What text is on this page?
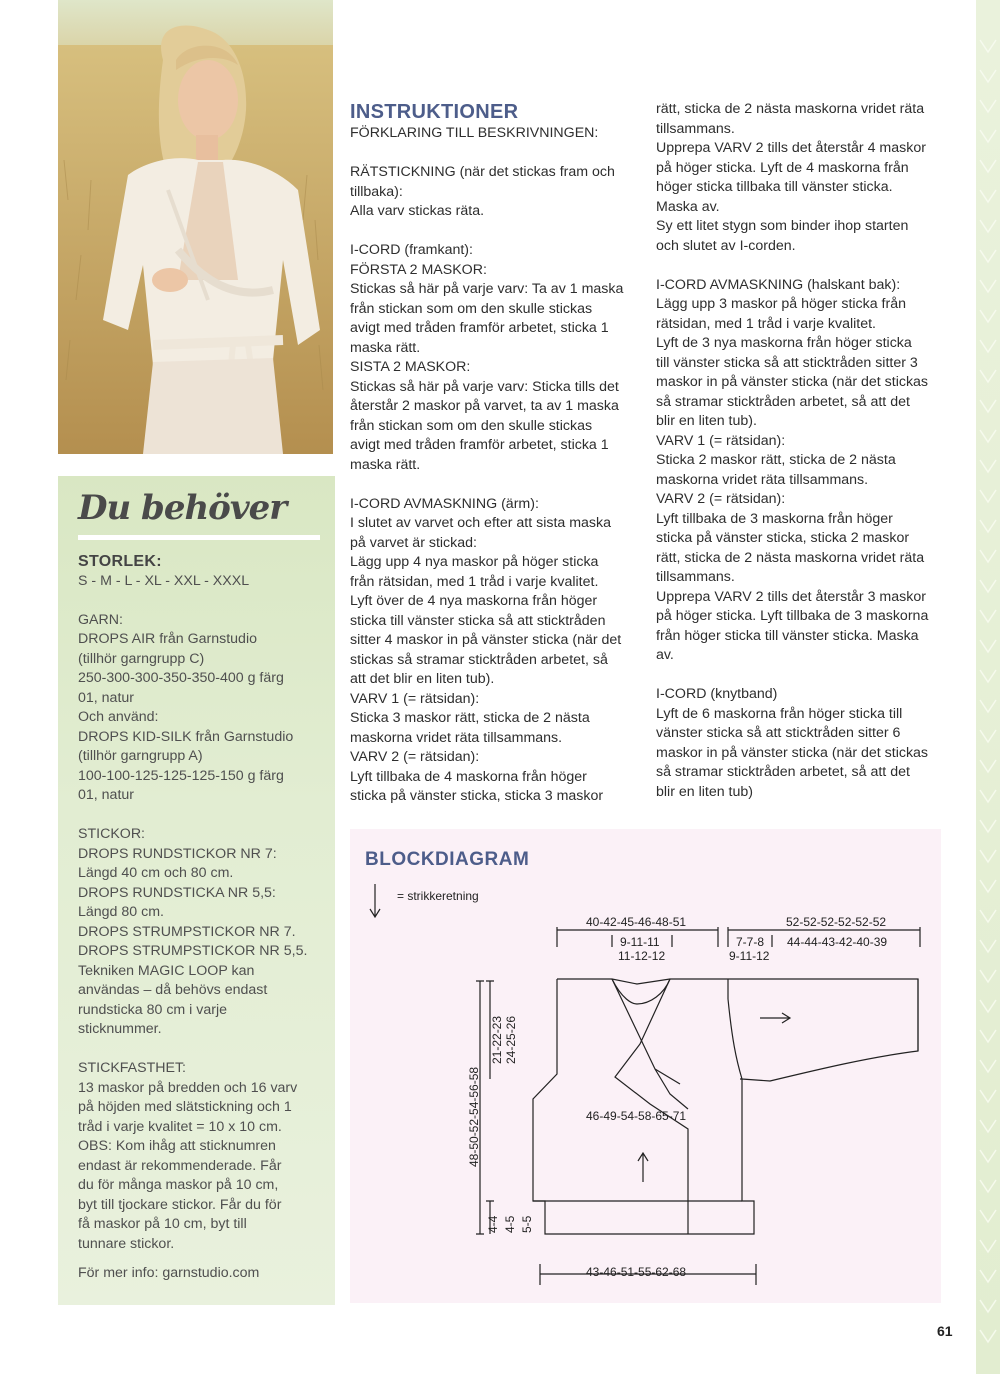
Du behöver
STORLEK:
S - M - L - XL - XXL - XXXL
GARN:
DROPS AIR från Garnstudio
(tillhör garngrupp C)
250-300-300-350-350-400 g färg
01, natur
Och använd:
DROPS KID-SILK från Garnstudio
(tillhör garngrupp A)
100-100-125-125-125-150 g färg
01, natur
STICKOR:
DROPS RUNDSTICKOR NR 7:
Längd 40 cm och 80 cm.
DROPS RUNDSTICKA NR 5,5:
Längd 80 cm.
DROPS STRUMPSTICKOR NR 7.
DROPS STRUMPSTICKOR NR 5,5.
Tekniken MAGIC LOOP kan
användas – då behövs endast
rundsticka 80 cm i varje
sticknummer.
STICKFASTHET:
13 maskor på bredden och 16 varv
på höjden med slätstickning och 1
tråd i varje kvalitet = 10 x 10 cm.
OBS: Kom ihåg att sticknumren
endast är rekommenderade. Får
du för många maskor på 10 cm,
byt till tjockare stickor. Får du för
få maskor på 10 cm, byt till
tunnare stickor.
För mer info: garnstudio.com
INSTRUKTIONER
FÖRKLARING TILL BESKRIVNINGEN:
RÄTSTICKNING (när det stickas fram och
tillbaka):
Alla varv stickas räta.
I-CORD (framkant):
FÖRSTA 2 MASKOR:
Stickas så här på varje varv: Ta av 1 maska
från stickan som om den skulle stickas
avigt med tråden framför arbetet, sticka 1
maska rätt.
SISTA 2 MASKOR:
Stickas så här på varje varv: Sticka tills det
återstår 2 maskor på varvet, ta av 1 maska
från stickan som om den skulle stickas
avigt med tråden framför arbetet, sticka 1
maska rätt.
I-CORD AVMASKNING (ärm):
I slutet av varvet och efter att sista maska
på varvet är stickad:
Lägg upp 4 nya maskor på höger sticka
från rätsidan, med 1 tråd i varje kvalitet.
Lyft över de 4 nya maskorna från höger
sticka till vänster sticka så att sticktråden
sitter 4 maskor in på vänster sticka (när det
stickas så stramar sticktråden arbetet, så
att det blir en liten tub).
VARV 1 (= rätsidan):
Sticka 3 maskor rätt, sticka de 2 nästa
maskorna vridet räta tillsammans.
VARV 2 (= rätsidan):
Lyft tillbaka de 4 maskorna från höger
sticka på vänster sticka, sticka 3 maskor
rätt, sticka de 2 nästa maskorna vridet räta
tillsammans.
Upprepa VARV 2 tills det återstår 4 maskor
på höger sticka. Lyft de 4 maskorna från
höger sticka tillbaka till vänster sticka.
Maska av.
Sy ett litet stygn som binder ihop starten
och slutet av I-corden.
I-CORD AVMASKNING (halskant bak):
Lägg upp 3 maskor på höger sticka från
rätsidan, med 1 tråd i varje kvalitet.
Lyft de 3 nya maskorna från höger sticka
till vänster sticka så att sticktråden sitter 3
maskor in på vänster sticka (när det stickas
så stramar sticktråden arbetet, så att det
blir en liten tub).
VARV 1 (= rätsidan):
Sticka 2 maskor rätt, sticka de 2 nästa
maskorna vridet räta tillsammans.
VARV 2 (= rätsidan):
Lyft tillbaka de 3 maskorna från höger
sticka på vänster sticka, sticka 2 maskor
rätt, sticka de 2 nästa maskorna vridet räta
tillsammans.
Upprepa VARV 2 tills det återstår 3 maskor
på höger sticka. Lyft tillbaka de 3 maskorna
från höger sticka till vänster sticka. Maska
av.
I-CORD (knytband)
Lyft de 6 maskorna från höger sticka till
vänster sticka så att sticktråden sitter 6
maskor in på vänster sticka (när det stickas
så stramar sticktråden arbetet, så att det
blir en liten tub)
BLOCKDIAGRAM
= strikkeretning
40-42-45-46-48-51
9-11-11
11-12-12
7-7-8
9-11-12
52-52-52-52-52-52
44-44-43-42-40-39
46-49-54-58-65-71
43-46-51-55-62-68
48-50-52-54-56-58
21-22-23 24-25-26
4-4 4-5 5-5
61
